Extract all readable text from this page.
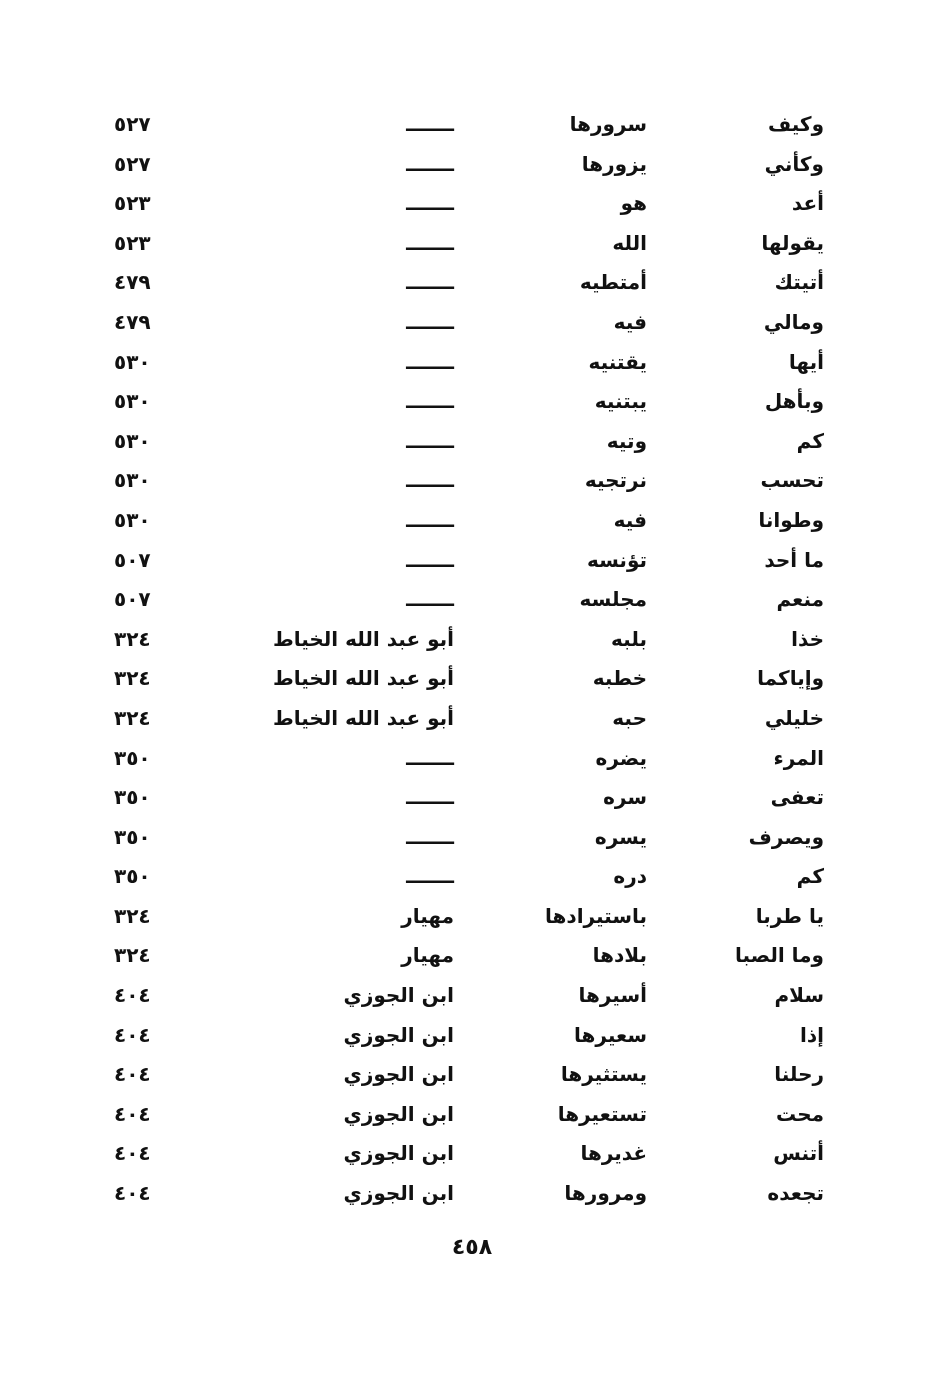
وكيف
سرورها
ـــــــ
٥٢٧
وكأني
يزورها
ـــــــ
٥٢٧
أعد
هو
ـــــــ
٥٢٣
يقولها
الله
ـــــــ
٥٢٣
أتيتك
أمتطيه
ـــــــ
٤٧٩
ومالي
فيه
ـــــــ
٤٧٩
أيها
يقتنيه
ـــــــ
٥٣٠
وبأهل
يبتنيه
ـــــــ
٥٣٠
كم
وتيه
ـــــــ
٥٣٠
تحسب
نرتجيه
ـــــــ
٥٣٠
وطوانا
فيه
ـــــــ
٥٣٠
ما أحد
تؤنسه
ـــــــ
٥٠٧
منعم
مجلسه
ـــــــ
٥٠٧
خذا
بلبه
أبو عبد الله الخياط
٣٢٤
وإياكما
خطبه
أبو عبد الله الخياط
٣٢٤
خليلي
حبه
أبو عبد الله الخياط
٣٢٤
المرء
يضره
ـــــــ
٣٥٠
تعفى
سره
ـــــــ
٣٥٠
ويصرف
يسره
ـــــــ
٣٥٠
كم
دره
ـــــــ
٣٥٠
يا طربا
باستيرادها
مهيار
٣٢٤
وما الصبا
بلادها
مهيار
٣٢٤
سلام
أسيرها
ابن الجوزي
٤٠٤
إذا
سعيرها
ابن الجوزي
٤٠٤
رحلنا
يستثيرها
ابن الجوزي
٤٠٤
محت
تستعيرها
ابن الجوزي
٤٠٤
أتنس
غديرها
ابن الجوزي
٤٠٤
تجعده
ومرورها
ابن الجوزي
٤٠٤
٤٥٨
